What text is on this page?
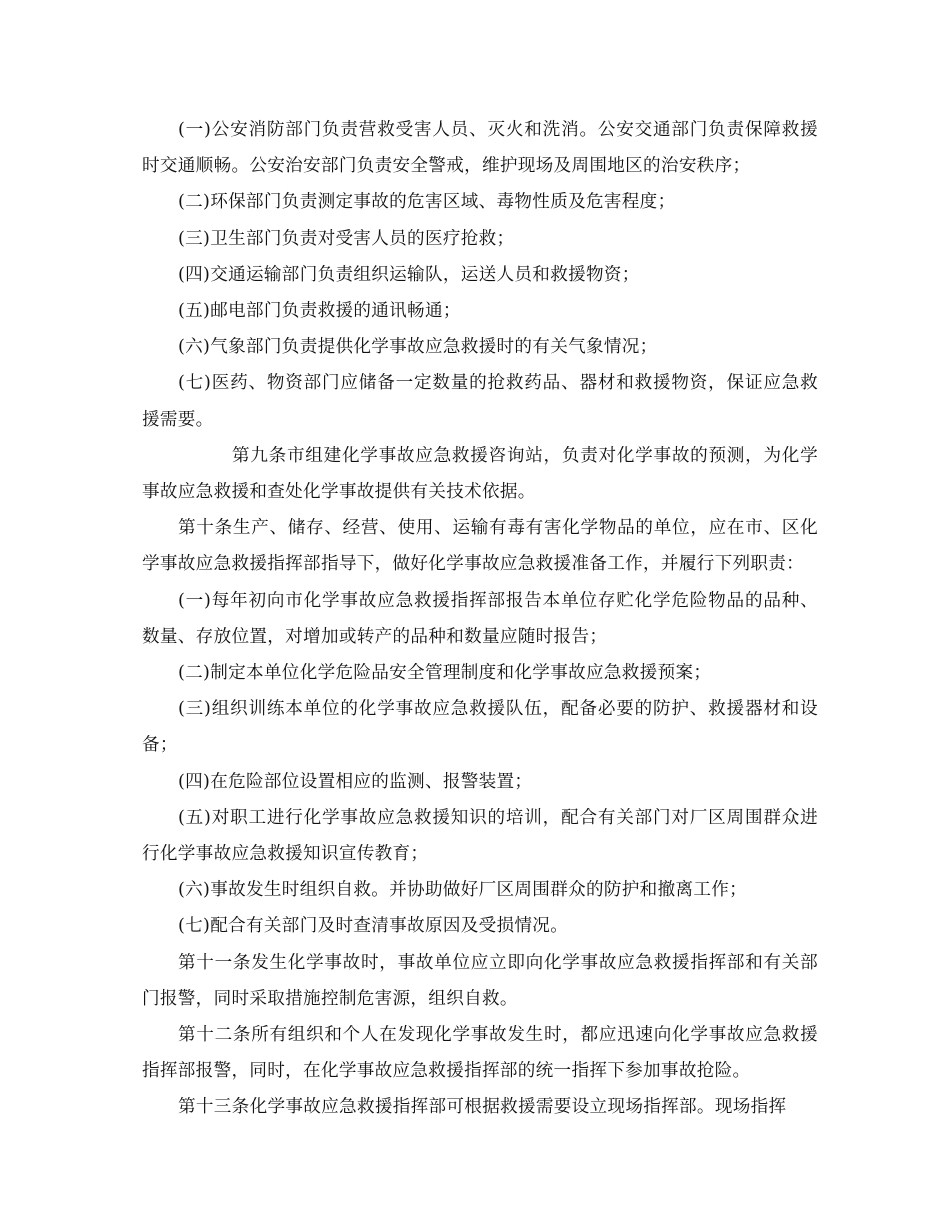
(一)公安消防部门负责营救受害人员、灭火和洗消。公安交通部门负责保障救援时交通顺畅。公安治安部门负责安全警戒，维护现场及周围地区的治安秩序；

(二)环保部门负责测定事故的危害区域、毒物性质及危害程度；

(三)卫生部门负责对受害人员的医疗抢救；

(四)交通运输部门负责组织运输队，运送人员和救援物资；

(五)邮电部门负责救援的通讯畅通；

(六)气象部门负责提供化学事故应急救援时的有关气象情况；

(七)医药、物资部门应储备一定数量的抢救药品、器材和救援物资，保证应急救援需要。

第九条市组建化学事故应急救援咨询站，负责对化学事故的预测，为化学事故应急救援和查处化学事故提供有关技术依据。

第十条生产、储存、经营、使用、运输有毒有害化学物品的单位，应在市、区化学事故应急救援指挥部指导下，做好化学事故应急救援准备工作，并履行下列职责：

(一)每年初向市化学事故应急救援指挥部报告本单位存贮化学危险物品的品种、数量、存放位置，对增加或转产的品种和数量应随时报告；

(二)制定本单位化学危险品安全管理制度和化学事故应急救援预案；

(三)组织训练本单位的化学事故应急救援队伍，配备必要的防护、救援器材和设备；

(四)在危险部位设置相应的监测、报警装置；

(五)对职工进行化学事故应急救援知识的培训，配合有关部门对厂区周围群众进行化学事故应急救援知识宣传教育；

(六)事故发生时组织自救。并协助做好厂区周围群众的防护和撤离工作；

(七)配合有关部门及时查清事故原因及受损情况。

第十一条发生化学事故时，事故单位应立即向化学事故应急救援指挥部和有关部门报警，同时采取措施控制危害源，组织自救。

第十二条所有组织和个人在发现化学事故发生时，都应迅速向化学事故应急救援指挥部报警，同时，在化学事故应急救援指挥部的统一指挥下参加事故抢险。

第十三条化学事故应急救援指挥部可根据救援需要设立现场指挥部。现场指挥
